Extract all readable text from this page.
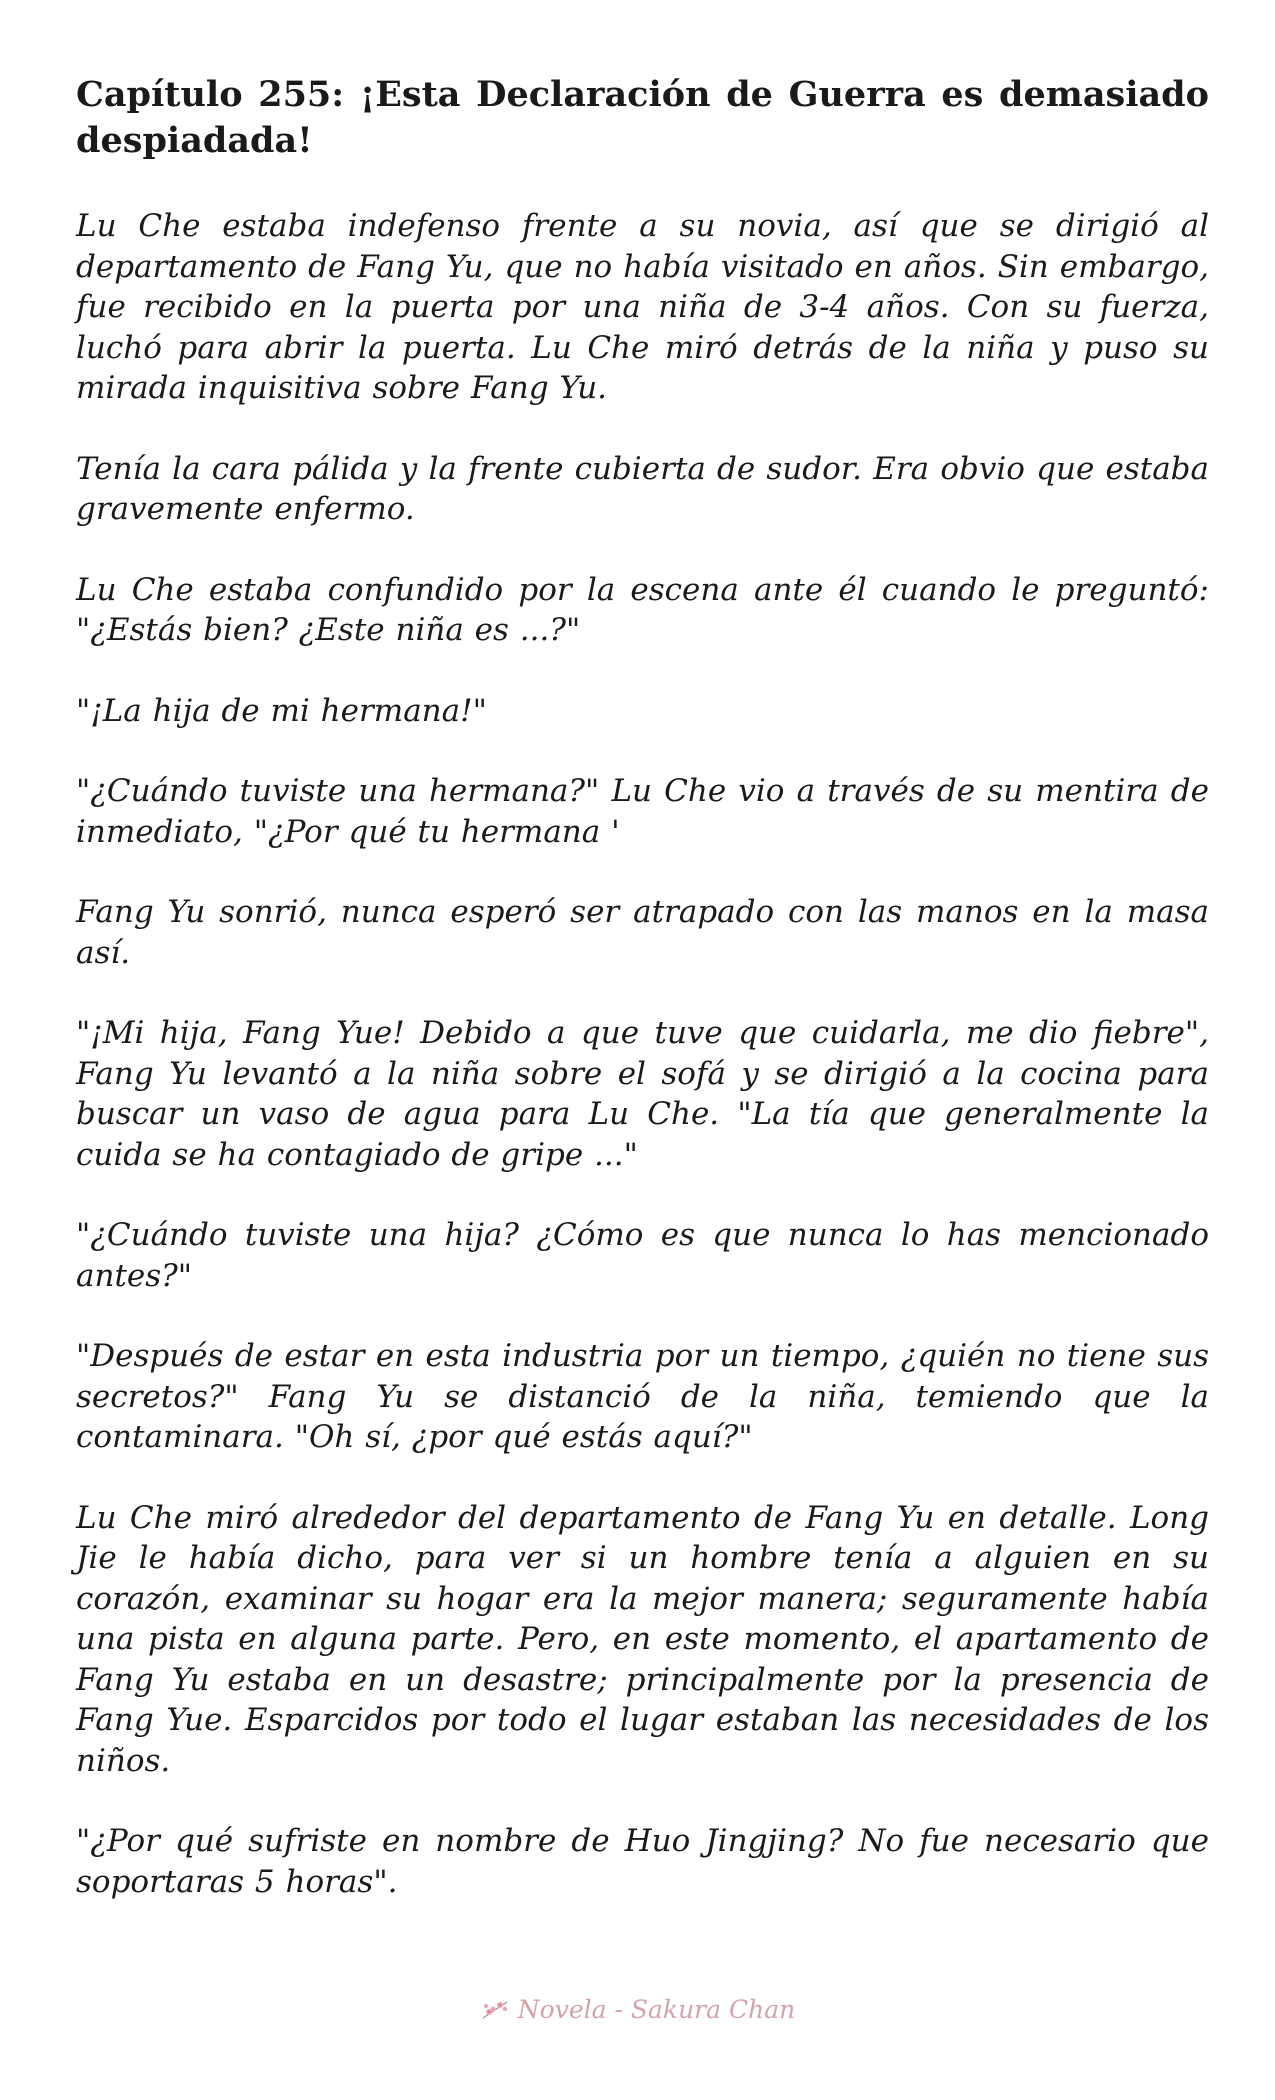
Capítulo 255: ¡Esta Declaración de Guerra es demasiado despiadada!

Lu Che estaba indefenso frente a su novia, así que se dirigió al departamento de Fang Yu, que no había visitado en años. Sin embargo, fue recibido en la puerta por una niña de 3-4 años. Con su fuerza, luchó para abrir la puerta. Lu Che miró detrás de la niña y puso su mirada inquisitiva sobre Fang Yu.

Tenía la cara pálida y la frente cubierta de sudor. Era obvio que estaba gravemente enfermo.

Lu Che estaba confundido por la escena ante él cuando le preguntó: "¿Estás bien? ¿Este niña es ...?"

"¡La hija de mi hermana!"

"¿Cuándo tuviste una hermana?" Lu Che vio a través de su mentira de inmediato, "¿Por qué tu hermana '

Fang Yu sonrió, nunca esperó ser atrapado con las manos en la masa así.

"¡Mi hija, Fang Yue! Debido a que tuve que cuidarla, me dio fiebre", Fang Yu levantó a la niña sobre el sofá y se dirigió a la cocina para buscar un vaso de agua para Lu Che. "La tía que generalmente la cuida se ha contagiado de gripe ..."

"¿Cuándo tuviste una hija? ¿Cómo es que nunca lo has mencionado antes?"

"Después de estar en esta industria por un tiempo, ¿quién no tiene sus secretos?" Fang Yu se distanció de la niña, temiendo que la contaminara. "Oh sí, ¿por qué estás aquí?"

Lu Che miró alrededor del departamento de Fang Yu en detalle. Long Jie le había dicho, para ver si un hombre tenía a alguien en su corazón, examinar su hogar era la mejor manera; seguramente había una pista en alguna parte. Pero, en este momento, el apartamento de Fang Yu estaba en un desastre; principalmente por la presencia de Fang Yue. Esparcidos por todo el lugar estaban las necesidades de los niños.

"¿Por qué sufriste en nombre de Huo Jingjing? No fue necesario que soportaras 5 horas".

Novela - Sakura Chan
